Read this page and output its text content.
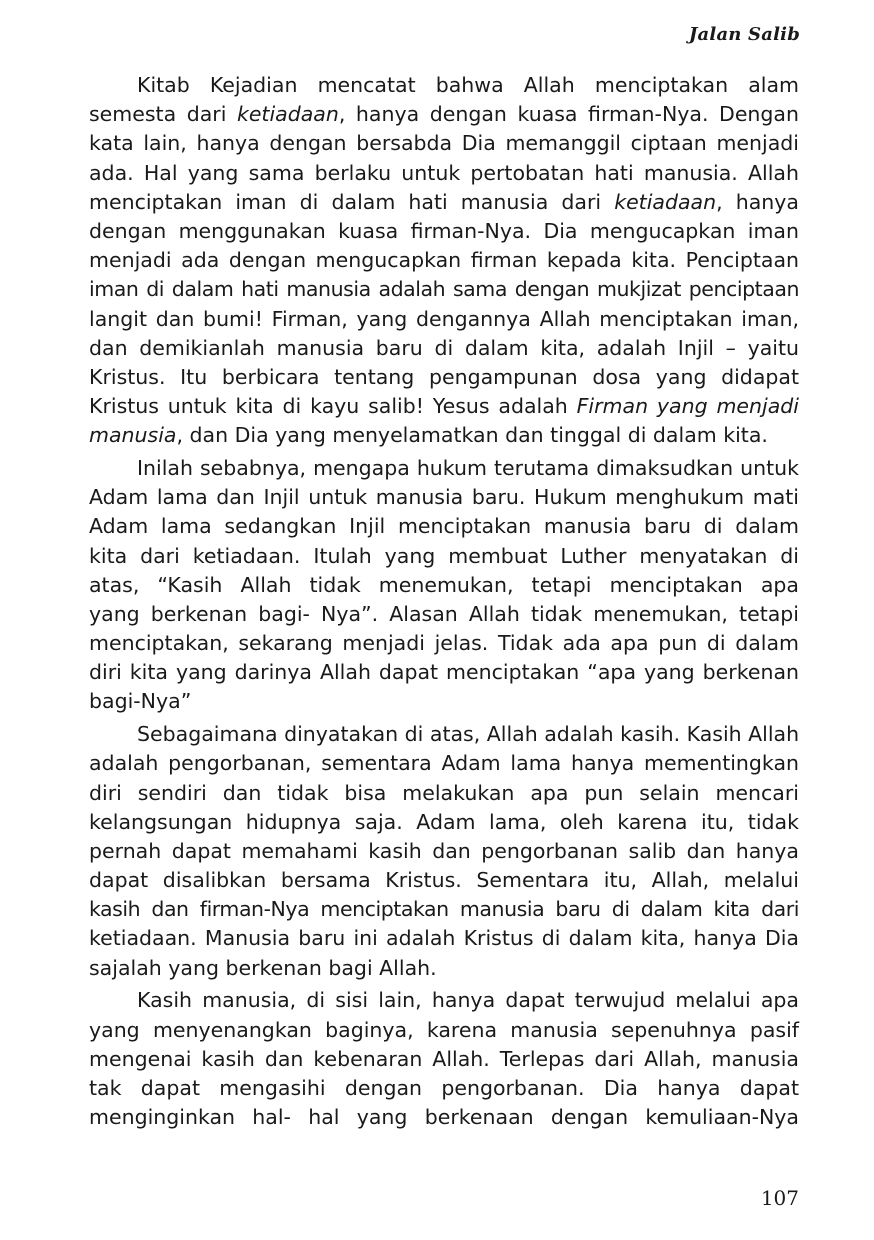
Jalan Salib
Kitab Kejadian mencatat bahwa Allah menciptakan alam
semesta dari ketiadaan, hanya dengan kuasa firman-Nya. Dengan
kata lain, hanya dengan bersabda Dia memanggil ciptaan menjadi
ada. Hal yang sama berlaku untuk pertobatan hati manusia. Allah
menciptakan iman di dalam hati manusia dari ketiadaan, hanya
dengan menggunakan kuasa firman-Nya. Dia mengucapkan iman
menjadi ada dengan mengucapkan firman kepada kita. Penciptaan
iman di dalam hati manusia adalah sama dengan mukjizat penciptaan
langit dan bumi! Firman, yang dengannya Allah menciptakan iman,
dan demikianlah manusia baru di dalam kita, adalah Injil – yaitu
Kristus. Itu berbicara tentang pengampunan dosa yang didapat
Kristus untuk kita di kayu salib! Yesus adalah Firman yang menjadi
manusia, dan Dia yang menyelamatkan dan tinggal di dalam kita.
Inilah sebabnya, mengapa hukum terutama dimaksudkan untuk
Adam lama dan Injil untuk manusia baru. Hukum menghukum mati
Adam lama sedangkan Injil menciptakan manusia baru di dalam
kita dari ketiadaan. Itulah yang membuat Luther menyatakan di
atas, “Kasih Allah tidak menemukan, tetapi menciptakan apa
yang berkenan bagi- Nya”. Alasan Allah tidak menemukan, tetapi
menciptakan, sekarang menjadi jelas. Tidak ada apa pun di dalam
diri kita yang darinya Allah dapat menciptakan “apa yang berkenan
bagi-Nya”
Sebagaimana dinyatakan di atas, Allah adalah kasih. Kasih Allah
adalah pengorbanan, sementara Adam lama hanya mementingkan
diri sendiri dan tidak bisa melakukan apa pun selain mencari
kelangsungan hidupnya saja. Adam lama, oleh karena itu, tidak
pernah dapat memahami kasih dan pengorbanan salib dan hanya
dapat disalibkan bersama Kristus. Sementara itu, Allah, melalui
kasih dan firman-Nya menciptakan manusia baru di dalam kita dari
ketiadaan. Manusia baru ini adalah Kristus di dalam kita, hanya Dia
sajalah yang berkenan bagi Allah.
Kasih manusia, di sisi lain, hanya dapat terwujud melalui apa
yang menyenangkan baginya, karena manusia sepenuhnya pasif
mengenai kasih dan kebenaran Allah. Terlepas dari Allah, manusia
tak dapat mengasihi dengan pengorbanan. Dia hanya dapat
menginginkan hal- hal yang berkenaan dengan kemuliaan-Nya
107
